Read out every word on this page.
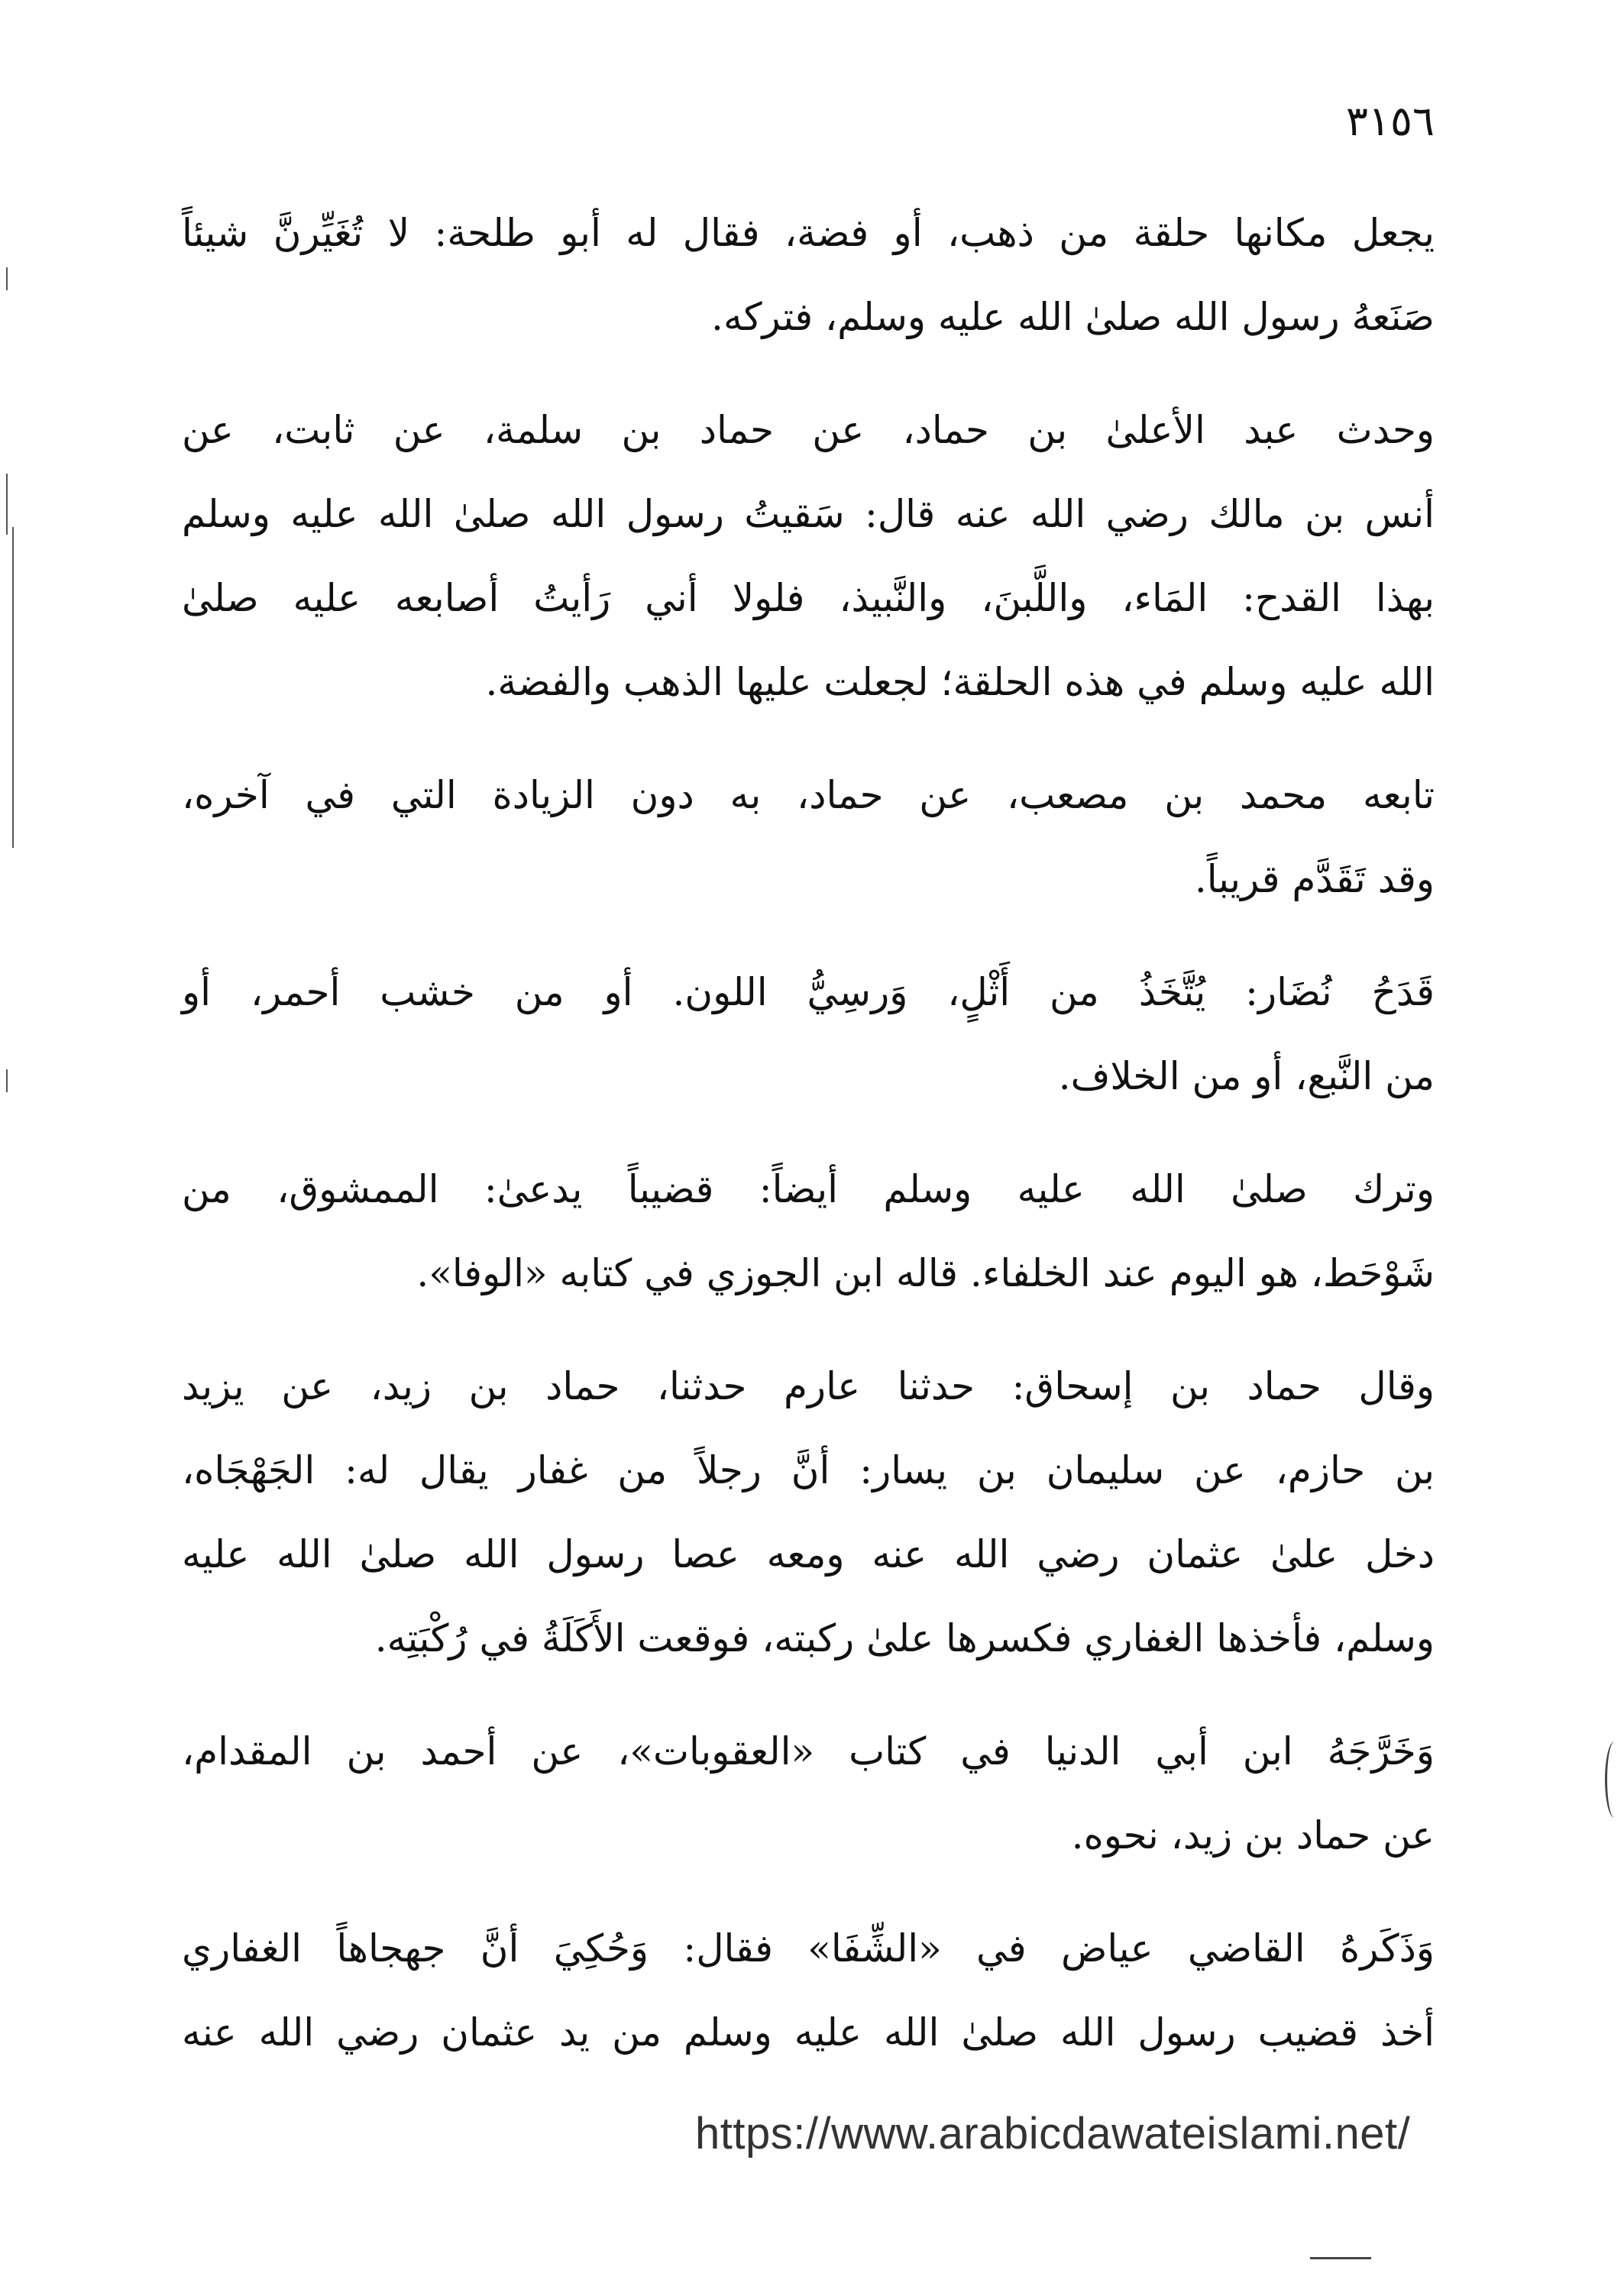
٣١٥٦
يجعل مكانها حلقة من ذهب، أو فضة، فقال له أبو طلحة: لا تُغَيِّرنَّ شيئاً
صَنَعهُ رسول الله صلىٰ الله عليه وسلم، فتركه.
وحدث عبد الأعلىٰ بن حماد، عن حماد بن سلمة، عن ثابت، عن
أنس بن مالك رضي الله عنه قال: سَقيتُ رسول الله صلىٰ الله عليه وسلم
بهذا القدح: المَاء، واللَّبنَ، والنَّبيذ، فلولا أني رَأيتُ أصابعه عليه صلىٰ
الله عليه وسلم في هذه الحلقة؛ لجعلت عليها الذهب والفضة.
تابعه محمد بن مصعب، عن حماد، به دون الزيادة التي في آخره،
وقد تَقَدَّم قريباً.
قَدَحُ نُضَار: يُتَّخَذُ من أَثْلٍ، وَرسِيُّ اللون. أو من خشب أحمر، أو
من النَّبع، أو من الخلاف.
وترك صلىٰ الله عليه وسلم أيضاً: قضيباً يدعىٰ: الممشوق، من
شَوْحَط، هو اليوم عند الخلفاء. قاله ابن الجوزي في كتابه «الوفا».
وقال حماد بن إسحاق: حدثنا عارم حدثنا، حماد بن زيد، عن يزيد
بن حازم، عن سليمان بن يسار: أنَّ رجلاً من غفار يقال له: الجَهْجَاه،
دخل علىٰ عثمان رضي الله عنه ومعه عصا رسول الله صلىٰ الله عليه
وسلم، فأخذها الغفاري فكسرها علىٰ ركبته، فوقعت الأَكَلَةُ في رُكْبَتِه.
وَخَرَّجَهُ ابن أبي الدنيا في كتاب «العقوبات»، عن أحمد بن المقدام،
عن حماد بن زيد، نحوه.
وَذَكَرهُ القاضي عياض في «الشِّفَا» فقال: وَحُكِيَ أنَّ جهجاهاً الغفاري
أخذ قضيب رسول الله صلىٰ الله عليه وسلم من يد عثمان رضي الله عنه
https://www.arabicdawateislami.net/
